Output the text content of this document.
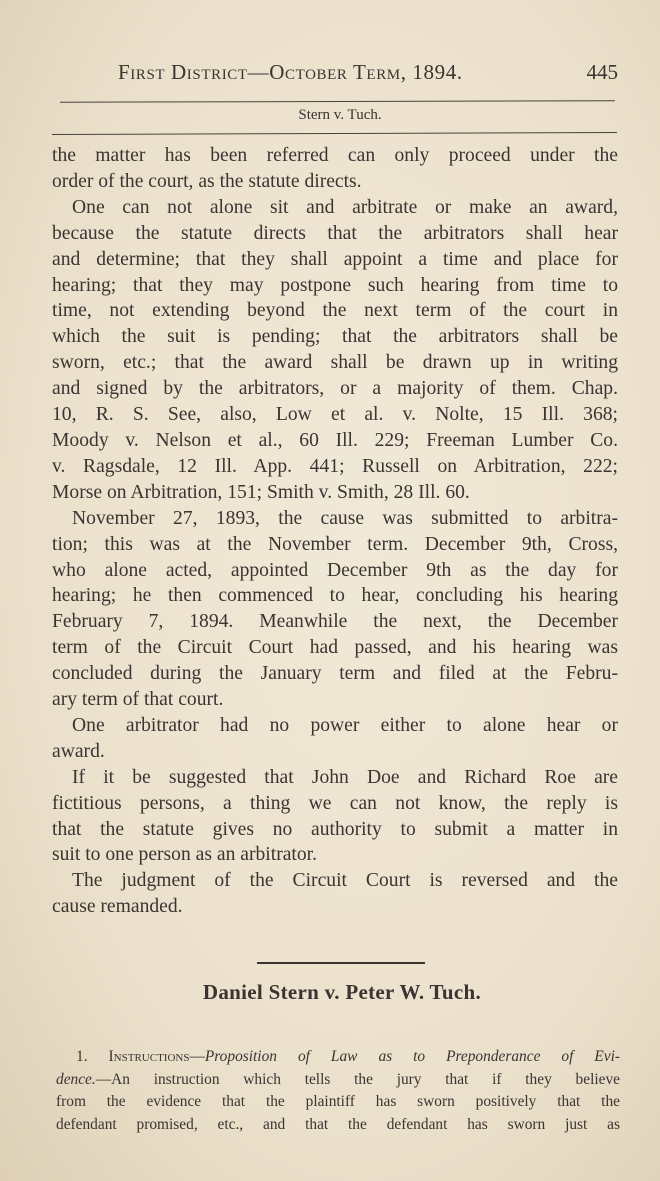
First District—October Term, 1894.	445
Stern v. Tuch.
the matter has been referred can only proceed under the
order of the court, as the statute directs.
One can not alone sit and arbitrate or make an award,
because the statute directs that the arbitrators shall hear
and determine; that they shall appoint a time and place for
hearing; that they may postpone such hearing from time to
time, not extending beyond the next term of the court in
which the suit is pending; that the arbitrators shall be
sworn, etc.; that the award shall be drawn up in writing
and signed by the arbitrators, or a majority of them. Chap.
10, R. S. See, also, Low et al. v. Nolte, 15 Ill. 368;
Moody v. Nelson et al., 60 Ill. 229; Freeman Lumber Co.
v. Ragsdale, 12 Ill. App. 441; Russell on Arbitration, 222;
Morse on Arbitration, 151; Smith v. Smith, 28 Ill. 60.
November 27, 1893, the cause was submitted to arbitra-
tion; this was at the November term. December 9th, Cross,
who alone acted, appointed December 9th as the day for
hearing; he then commenced to hear, concluding his hearing
February 7, 1894. Meanwhile the next, the December
term of the Circuit Court had passed, and his hearing was
concluded during the January term and filed at the Febru-
ary term of that court.
One arbitrator had no power either to alone hear or
award.
If it be suggested that John Doe and Richard Roe are
fictitious persons, a thing we can not know, the reply is
that the statute gives no authority to submit a matter in
suit to one person as an arbitrator.
The judgment of the Circuit Court is reversed and the
cause remanded.
Daniel Stern v. Peter W. Tuch.
1. Instructions—Proposition of Law as to Preponderance of Evi-
dence.—An instruction which tells the jury that if they believe
from the evidence that the plaintiff has sworn positively that the
defendant promised, etc., and that the defendant has sworn just as
